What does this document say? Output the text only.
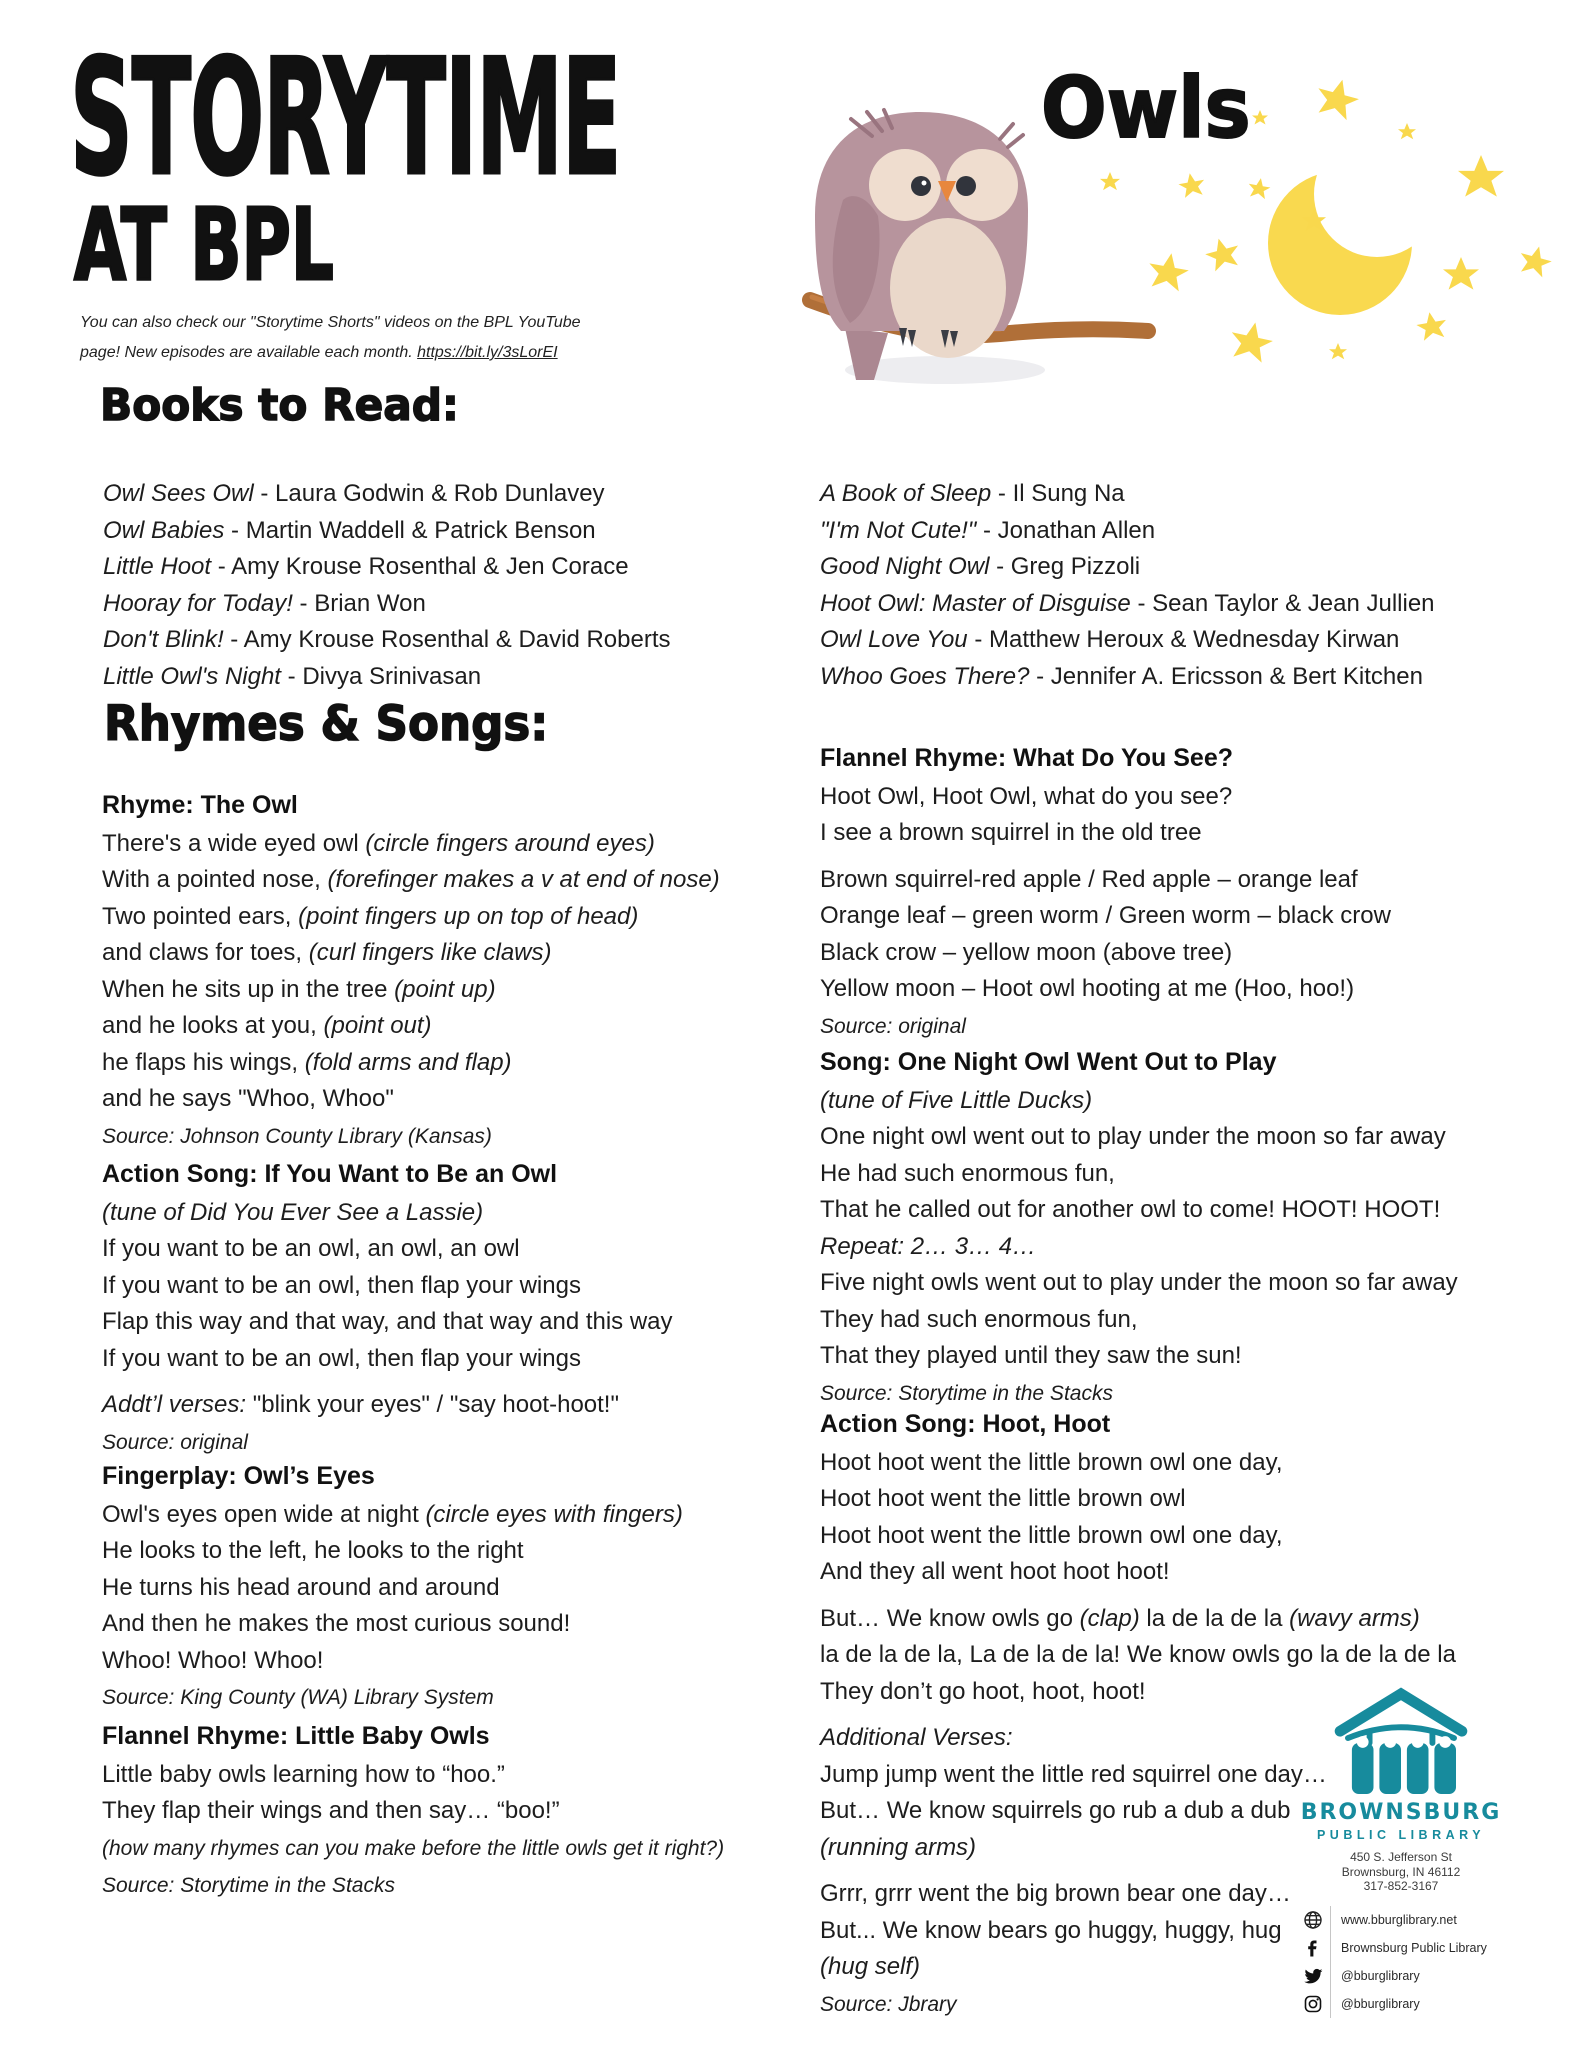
STORYTIME
AT BPL
Owls
You can also check our "Storytime Shorts" videos on the BPL YouTube
page! New episodes are available each month. https://bit.ly/3sLorEI
Books to Read:
Owl Sees Owl - Laura Godwin & Rob Dunlavey
Owl Babies - Martin Waddell & Patrick Benson
Little Hoot - Amy Krouse Rosenthal & Jen Corace
Hooray for Today! - Brian Won
Don't Blink! - Amy Krouse Rosenthal & David Roberts
Little Owl's Night - Divya Srinivasan
A Book of Sleep - Il Sung Na
"I'm Not Cute!" - Jonathan Allen
Good Night Owl - Greg Pizzoli
Hoot Owl: Master of Disguise - Sean Taylor & Jean Jullien
Owl Love You - Matthew Heroux & Wednesday Kirwan
Whoo Goes There? - Jennifer A. Ericsson & Bert Kitchen
Rhymes & Songs:
Rhyme: The Owl
There's a wide eyed owl (circle fingers around eyes)
With a pointed nose, (forefinger makes a v at end of nose)
Two pointed ears, (point fingers up on top of head)
and claws for toes, (curl fingers like claws)
When he sits up in the tree (point up)
and he looks at you, (point out)
he flaps his wings, (fold arms and flap)
and he says "Whoo, Whoo"
Source: Johnson County Library (Kansas)
Action Song: If You Want to Be an Owl
(tune of Did You Ever See a Lassie)
If you want to be an owl, an owl, an owl
If you want to be an owl, then flap your wings
Flap this way and that way, and that way and this way
If you want to be an owl, then flap your wings
Addt’l verses: "blink your eyes" / "say hoot-hoot!"
Source: original
Fingerplay: Owl’s Eyes
Owl's eyes open wide at night (circle eyes with fingers)
He looks to the left, he looks to the right
He turns his head around and around
And then he makes the most curious sound!
Whoo! Whoo! Whoo!
Source: King County (WA) Library System
Flannel Rhyme: Little Baby Owls
Little baby owls learning how to “hoo.”
They flap their wings and then say… “boo!”
(how many rhymes can you make before the little owls get it right?)
Source: Storytime in the Stacks
Flannel Rhyme: What Do You See?
Hoot Owl, Hoot Owl, what do you see?
I see a brown squirrel in the old tree
Brown squirrel-red apple / Red apple – orange leaf
Orange leaf – green worm / Green worm – black crow
Black crow – yellow moon (above tree)
Yellow moon – Hoot owl hooting at me (Hoo, hoo!)
Source: original
Song: One Night Owl Went Out to Play
(tune of Five Little Ducks)
One night owl went out to play under the moon so far away
He had such enormous fun,
That he called out for another owl to come! HOOT! HOOT!
Repeat: 2… 3… 4…
Five night owls went out to play under the moon so far away
They had such enormous fun,
That they played until they saw the sun!
Source: Storytime in the Stacks
Action Song: Hoot, Hoot
Hoot hoot went the little brown owl one day,
Hoot hoot went the little brown owl
Hoot hoot went the little brown owl one day,
And they all went hoot hoot hoot!
But… We know owls go (clap) la de la de la (wavy arms)
la de la de la, La de la de la! We know owls go la de la de la
They don’t go hoot, hoot, hoot!
Additional Verses:
Jump jump went the little red squirrel one day…
But… We know squirrels go rub a dub a dub
(running arms)
Grrr, grrr went the big brown bear one day…
But... We know bears go huggy, huggy, hug
(hug self)
Source: Jbrary
BROWNSBURG
PUBLIC LIBRARY
450 S. Jefferson St
Brownsburg, IN 46112
317-852-3167
www.bburglibrary.net
Brownsburg Public Library
@bburglibrary
@bburglibrary
